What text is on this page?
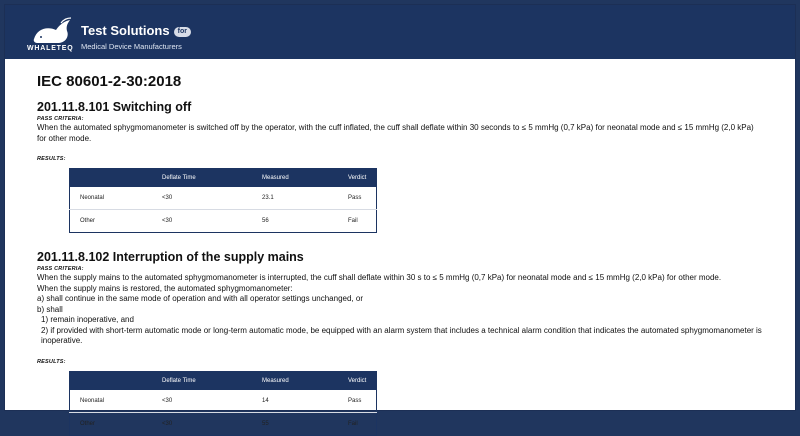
WHALETEQ
Test Solutions for
Medical Device Manufacturers
IEC 80601-2-30:2018
201.11.8.101 Switching off
PASS CRITERIA:
When the automated sphygmomanometer is switched off by the operator, with the cuff inflated, the cuff shall deflate within 30 seconds to ≤ 5 mmHg (0,7 kPa) for neonatal mode and ≤ 15 mmHg (2,0 kPa) for other mode.
RESULTS:
	Deflate Time	Measured	Verdict
Neonatal	<30	23.1	Pass
Other	<30	56	Fail
201.11.8.102 Interruption of the supply mains
PASS CRITERIA:
When the supply mains to the automated sphygmomanometer is interrupted, the cuff shall deflate within 30 s to ≤ 5 mmHg (0,7 kPa) for neonatal mode and ≤ 15 mmHg (2,0 kPa) for other mode.
When the supply mains is restored, the automated sphygmomanometer:
a) shall continue in the same mode of operation and with all operator settings unchanged, or
b) shall
1) remain inoperative, and
2) if provided with short-term automatic mode or long-term automatic mode, be equipped with an alarm system that includes a technical alarm condition that indicates the automated sphygmomanometer is inoperative.
RESULTS:
	Deflate Time	Measured	Verdict
Neonatal	<30	14	Pass
Other	<30	55	Fail
